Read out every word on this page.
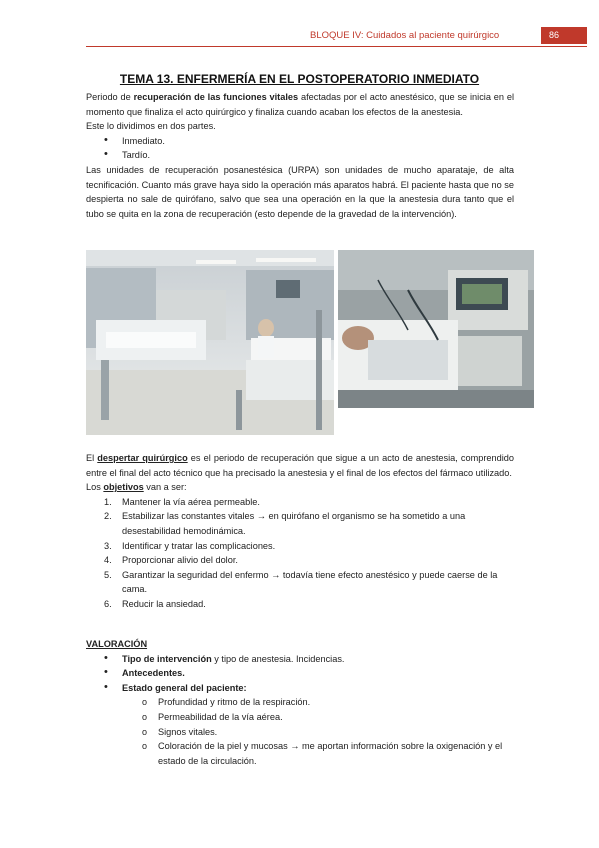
BLOQUE IV: Cuidados al paciente quirúrgico	86
TEMA 13. ENFERMERÍA EN EL POSTOPERATORIO INMEDIATO

Periodo de recuperación de las funciones vitales afectadas por el acto anestésico, que se inicia en el momento que finaliza el acto quirúrgico y finaliza cuando acaban los efectos de la anestesia.

Este lo dividimos en dos partes.

• Inmediato.
• Tardío.

Las unidades de recuperación posanestésica (URPA) son unidades de mucho aparataje, de alta tecnificación. Cuanto más grave haya sido la operación más aparatos habrá. El paciente hasta que no se despierta no sale de quirófano, salvo que sea una operación en la que la anestesia dura tanto que el tubo se quita en la zona de recuperación (esto depende de la gravedad de la intervención).

El despertar quirúrgico es el periodo de recuperación que sigue a un acto de anestesia, comprendido entre el final del acto técnico que ha precisado la anestesia y el final de los efectos del fármaco utilizado.

Los objetivos van a ser:

1. Mantener la vía aérea permeable.
2. Estabilizar las constantes vitales → en quirófano el organismo se ha sometido a una desestabilidad hemodinámica.
3. Identificar y tratar las complicaciones.
4. Proporcionar alivio del dolor.
5. Garantizar la seguridad del enfermo → todavía tiene efecto anestésico y puede caerse de la cama.
6. Reducir la ansiedad.

VALORACIÓN

• Tipo de intervención y tipo de anestesia. Incidencias.
• Antecedentes.
• Estado general del paciente:
o Profundidad y ritmo de la respiración.
o Permeabilidad de la vía aérea.
o Signos vitales.
o Coloración de la piel y mucosas → me aportan información sobre la oxigenación y el estado de la circulación.
